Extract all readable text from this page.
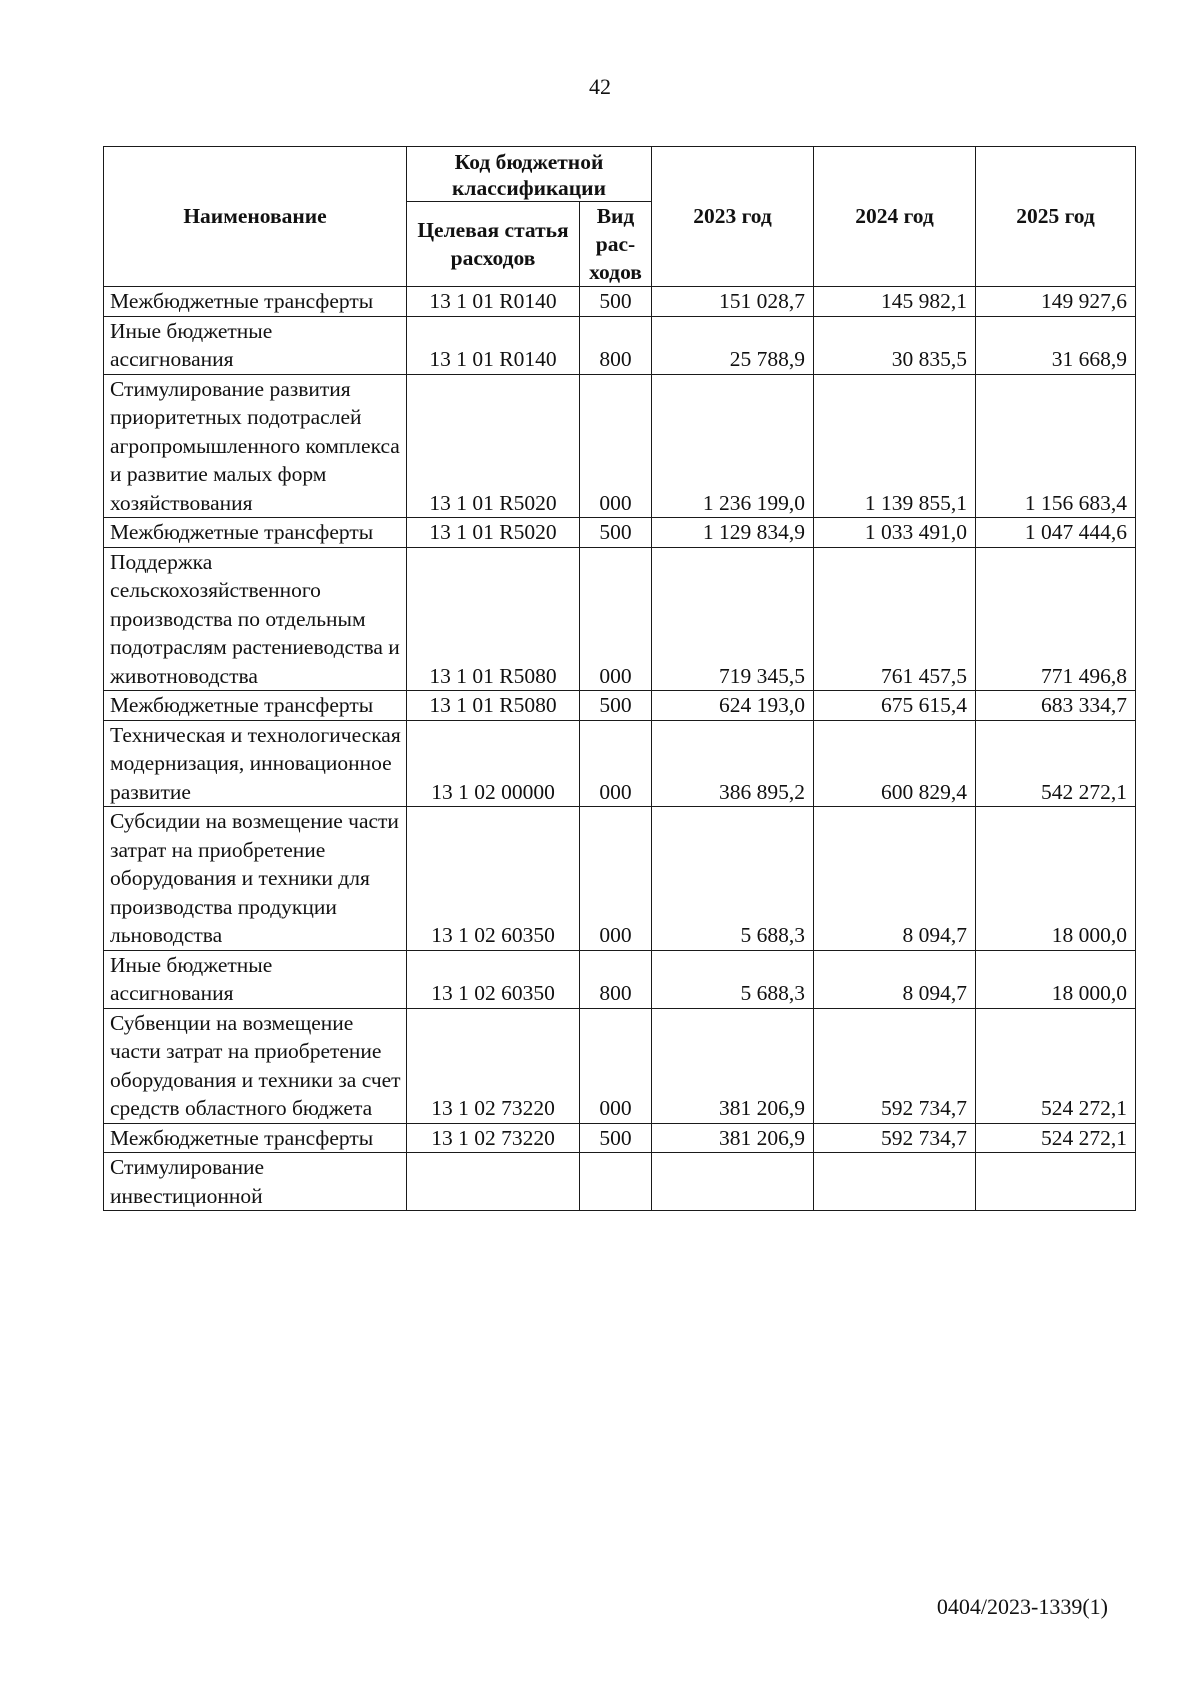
42
Наименование	Код бюджетной классификации		2023 год	2024 год	2025 год
	Целевая статья расходов	Вид рас-ходов			
Межбюджетные трансферты	13 1 01 R0140	500	151 028,7	145 982,1	149 927,6
Иные бюджетные ассигнования	13 1 01 R0140	800	25 788,9	30 835,5	31 668,9
Стимулирование развития приоритетных подотраслей агропромышленного комплекса и развитие малых форм хозяйствования	13 1 01 R5020	000	1 236 199,0	1 139 855,1	1 156 683,4
Межбюджетные трансферты	13 1 01 R5020	500	1 129 834,9	1 033 491,0	1 047 444,6
Поддержка сельскохозяйственного производства по отдельным подотраслям растениеводства и животноводства	13 1 01 R5080	000	719 345,5	761 457,5	771 496,8
Межбюджетные трансферты	13 1 01 R5080	500	624 193,0	675 615,4	683 334,7
Техническая и технологическая модернизация, инновационное развитие	13 1 02 00000	000	386 895,2	600 829,4	542 272,1
Субсидии на возмещение части затрат на приобретение оборудования и техники для производства продукции льноводства	13 1 02 60350	000	5 688,3	8 094,7	18 000,0
Иные бюджетные ассигнования	13 1 02 60350	800	5 688,3	8 094,7	18 000,0
Субвенции на возмещение части затрат на приобретение оборудования и техники за счет средств областного бюджета	13 1 02 73220	000	381 206,9	592 734,7	524 272,1
Межбюджетные трансферты	13 1 02 73220	500	381 206,9	592 734,7	524 272,1
Стимулирование инвестиционной					
0404/2023-1339(1)
